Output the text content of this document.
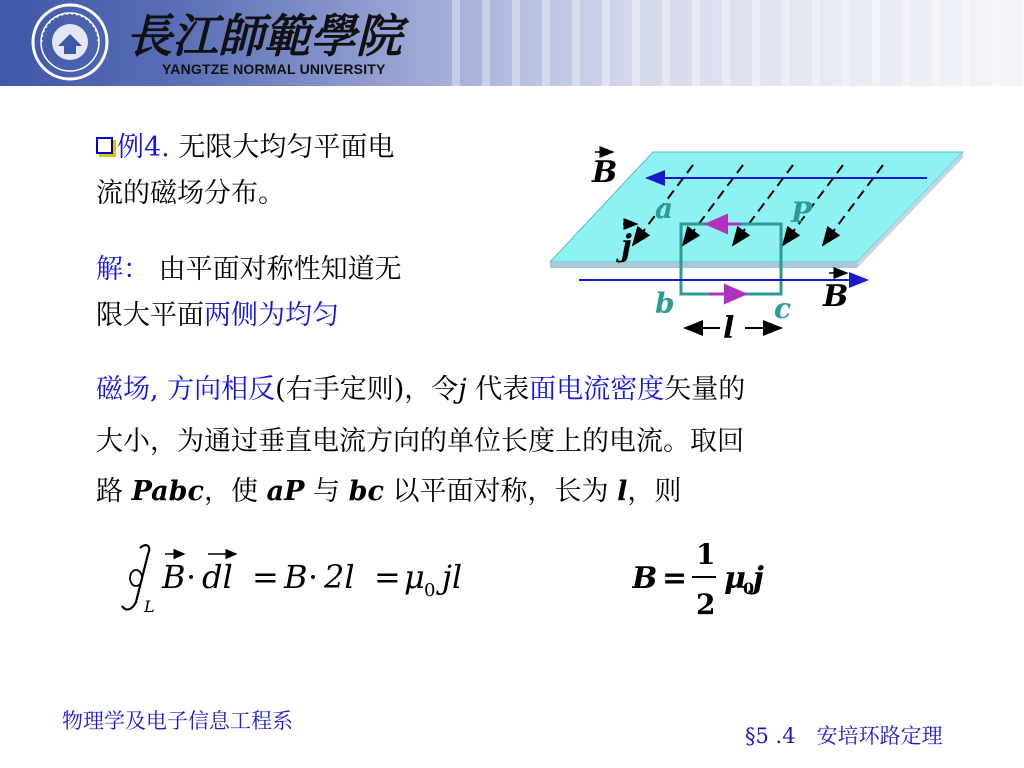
長江師範學院
YANGTZE NORMAL UNIVERSITY
例4. 无限大均匀平面电
流的磁场分布。
解： 由平面对称性知道无
限大平面两侧为均匀
磁场, 方向相反(右手定则)，令j 代表面电流密度矢量的
大小，为通过垂直电流方向的单位长度上的电流。取回
路 Pabc，使 aP 与 bc 以平面对称，长为 l，则
B
a	P
j
b	c B
l
L
B · dl = B · 2l = μ 0 jl	B =
1
2
μ
0
j
物理学及电子信息工程系
§5 .4　安培环路定理
